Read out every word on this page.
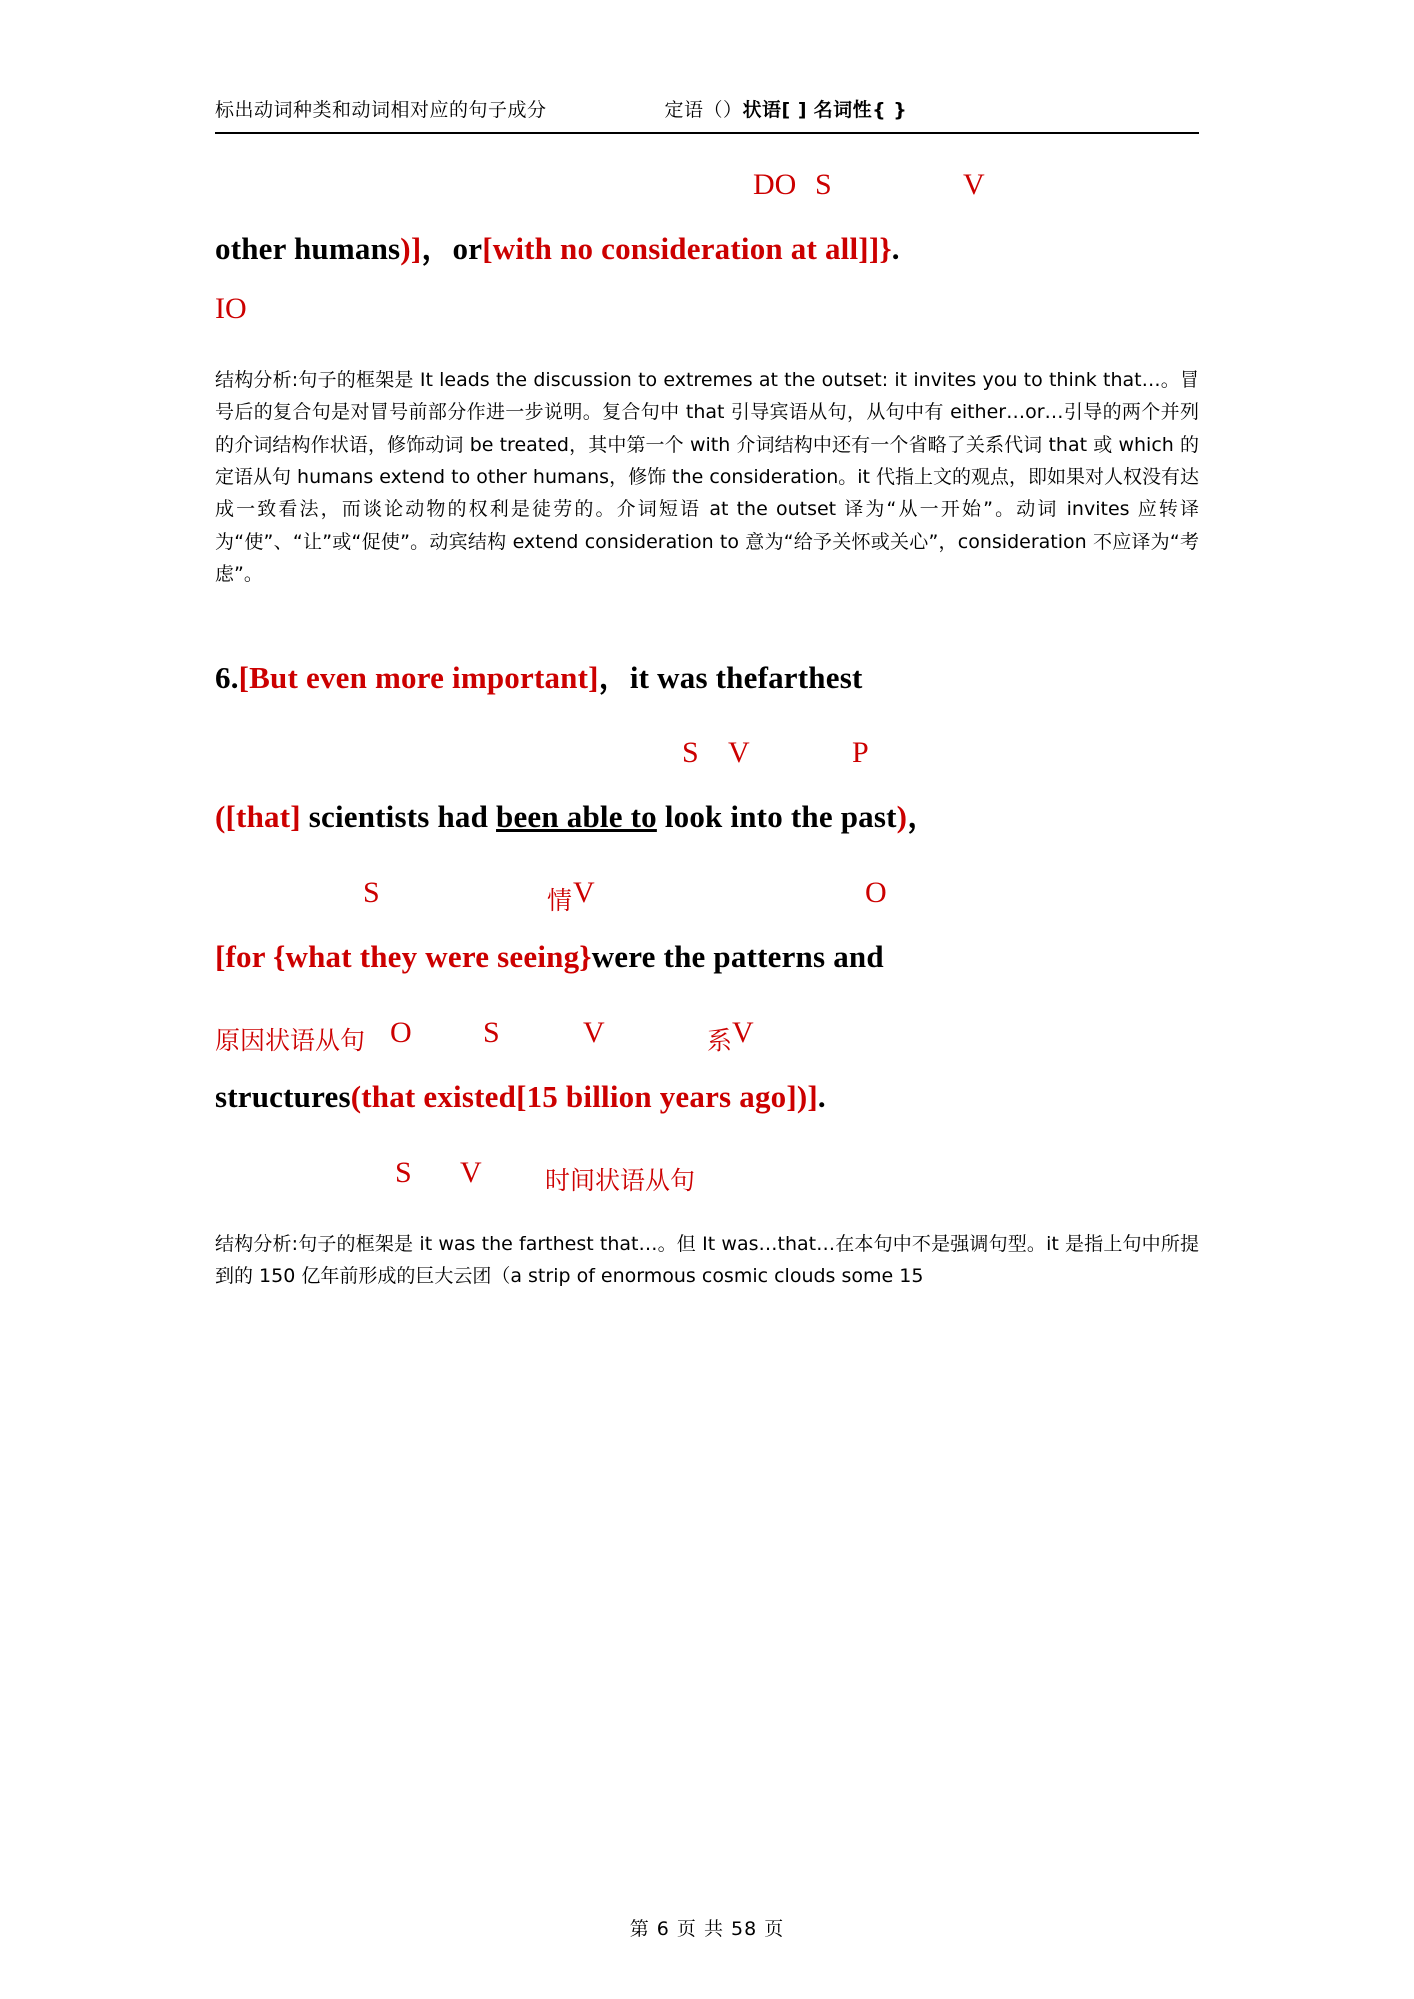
标出动词种类和动词相对应的句子成分	定语（）状语[ ] 名词性{ }
DO S	V
other humans)]，or[with no consideration at all]]}.
IO
结构分析:句子的框架是 It leads the discussion to extremes at the outset: it invites you to think that…。冒号后的复合句是对冒号前部分作进一步说明。复合句中 that 引导宾语从句，从句中有 either…or…引导的两个并列的介词结构作状语，修饰动词 be treated，其中第一个 with 介词结构中还有一个省略了关系代词 that 或 which 的定语从句 humans extend to other humans，修饰 the consideration。it 代指上文的观点，即如果对人权没有达成一致看法，而谈论动物的权利是徒劳的。介词短语 at the outset 译为“从一开始”。动词 invites 应转译为“使”、“让”或“促使”。动宾结构 extend consideration to 意为“给予关怀或关心”，consideration 不应译为“考虑”。
6.[But even more important]，it was thefarthest
S V	P
([that] scientists had been able to look into the past)，
S	情 V	O
[for {what they were seeing}were the patterns and
原因状语从句 O S	V	系 V
structures(that existed[15 billion years ago])].
S V	时间状语从句
结构分析:句子的框架是 it was the farthest that…。但 It was…that…在本句中不是强调句型。it 是指上句中所提到的 150 亿年前形成的巨大云团（a strip of enormous cosmic clouds some 15
第 6 页 共 58 页
